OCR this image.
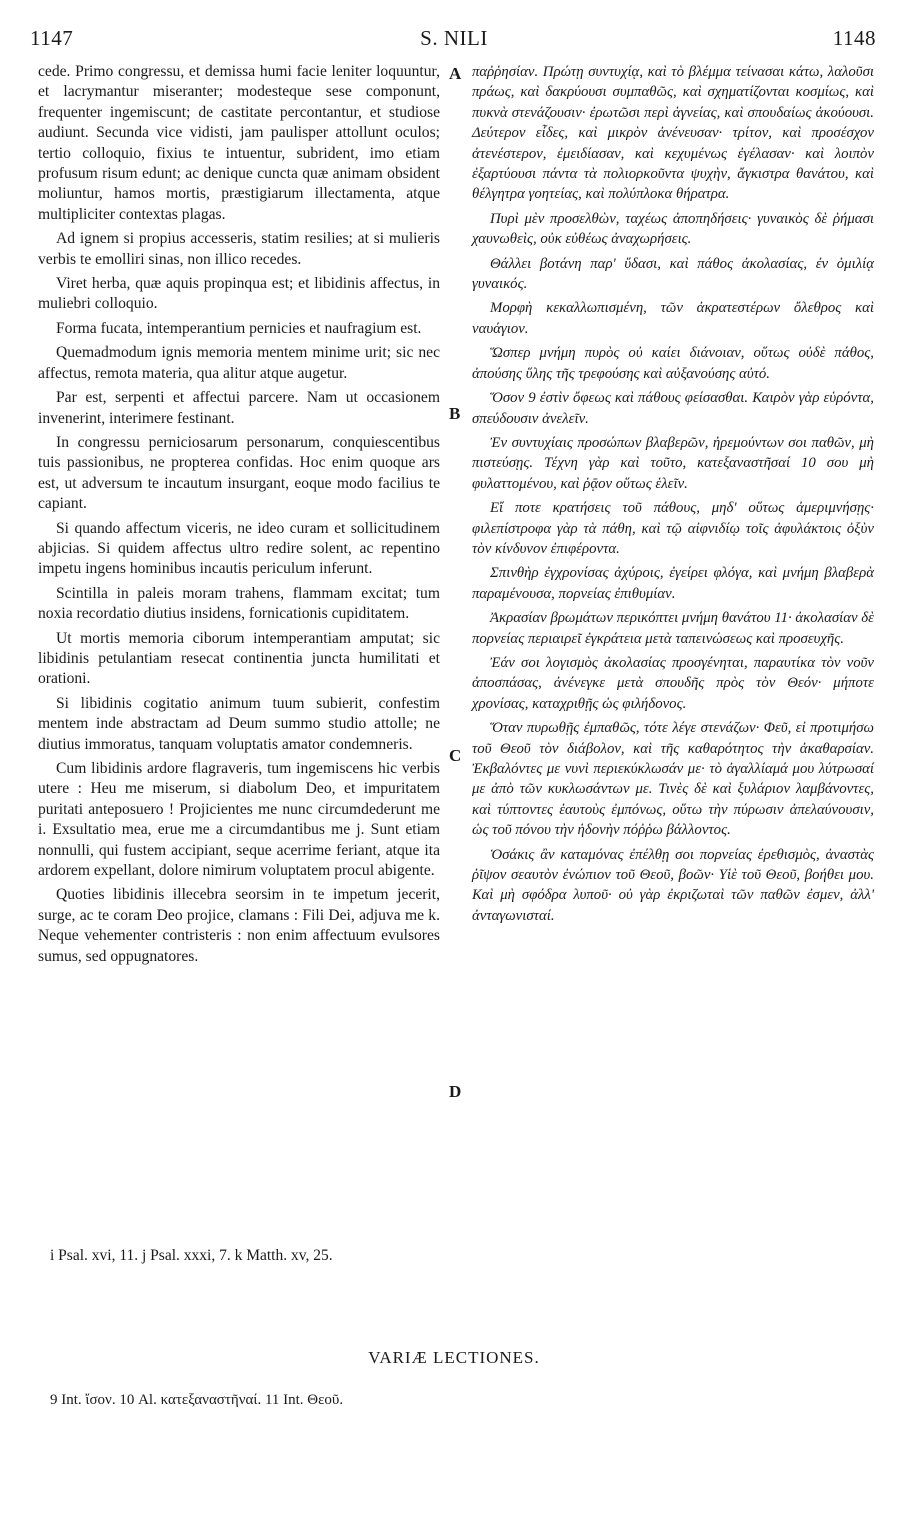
1147	S. NILI	1148

cede. Primo congressu, et demissa humi facie leniter loquuntur, et lacrymantur miseranter; modesteque sese componunt, frequenter ingemiscunt; de castitate percontantur, et studiose audiunt. Secunda vice vidisti, jam paulisper attollunt oculos; tertio colloquio, fixius te intuentur, subrident, imo etiam profusum risum edunt; ac denique cuncta quæ animam obsident moliuntur, hamos mortis, præstigiarum illectamenta, atque multipliciter contextas plagas.

Ad ignem si propius accesseris, statim resilies; at si mulieris verbis te emolliri sinas, non illico recedes.

Viret herba, quæ aquis propinqua est; et libidinis affectus, in muliebri colloquio.

Forma fucata, intemperantium pernicies et naufragium est.

Quemadmodum ignis memoria mentem minime urit; sic nec affectus, remota materia, qua alitur atque augetur.

Par est, serpenti et affectui parcere. Nam ut occasionem invenerint, interimere festinant.

In congressu perniciosarum personarum, conquiescentibus tuis passionibus, ne propterea confidas. Hoc enim quoque ars est, ut adversum te incautum insurgant, eoque modo facilius te capiant.

Si quando affectum viceris, ne ideo curam et sollicitudinem abjicias. Si quidem affectus ultro redire solent, ac repentino impetu ingens hominibus incautis periculum inferunt.

Scintilla in paleis moram trahens, flammam excitat; tum noxia recordatio diutius insidens, fornicationis cupiditatem.

Ut mortis memoria ciborum intemperantiam amputat; sic libidinis petulantiam resecat continentia juncta humilitati et orationi.

Si libidinis cogitatio animum tuum subierit, confestim mentem inde abstractam ad Deum summo studio attolle; ne diutius immoratus, tanquam voluptatis amator condemneris.

Cum libidinis ardore flagraveris, tum ingemiscens hic verbis utere : Heu me miserum, si diabolum Deo, et impuritatem puritati anteposuero ! Projicientes me nunc circumdederunt me i. Exsultatio mea, erue me a circumdantibus me j. Sunt etiam nonnulli, qui fustem accipiant, seque acerrime feriant, atque ita ardorem expellant, dolore nimirum voluptatem procul abigente.

Quoties libidinis illecebra seorsim in te impetum jecerit, surge, ac te coram Deo projice, clamans : Fili Dei, adjuva me k. Neque vehementer contristeris : non enim affectuum evulsores sumus, sed oppugnatores.

A
B
C
D

παῤῥησίαν. Πρώτῃ συντυχίᾳ, καὶ τὸ βλέμμα τείνασαι κάτω, λαλοῦσι πράως, καὶ δακρύουσι συμπαθῶς, καὶ σχηματίζονται κοσμίως, καὶ πυκνὰ στενάζουσιν· ἐρωτῶσι περὶ ἁγνείας, καὶ σπουδαίως ἀκούουσι. Δεύτερον εἶδες, καὶ μικρὸν ἀνένευσαν· τρίτον, καὶ προσέσχον ἀτενέστερον, ἐμειδίασαν, καὶ κεχυμένως ἐγέλασαν· καὶ λοιπὸν ἐξαρτύουσι πάντα τὰ πολιορκοῦντα ψυχὴν, ἄγκιστρα θανάτου, καὶ θέλγητρα γοητείας, καὶ πολύπλοκα θήρατρα.

Πυρὶ μὲν προσελθὼν, ταχέως ἀποπηδήσεις· γυναικὸς δὲ ῥήμασι χαυνωθεὶς, οὐκ εὐθέως ἀναχωρήσεις.

Θάλλει βοτάνη παρ' ὕδασι, καὶ πάθος ἀκολασίας, ἐν ὁμιλίᾳ γυναικός.

Μορφὴ κεκαλλωπισμένη, τῶν ἀκρατεστέρων ὄλεθρος καὶ ναυάγιον.

Ὥσπερ μνήμη πυρὸς οὐ καίει διάνοιαν, οὕτως οὐδὲ πάθος, ἀπούσης ὕλης τῆς τρεφούσης καὶ αὐξανούσης αὐτό.

Ὅσον 9 ἐστὶν ὄφεως καὶ πάθους φείσασθαι. Καιρὸν γὰρ εὑρόντα, σπεύδουσιν ἀνελεῖν.

Ἐν συντυχίαις προσώπων βλαβερῶν, ἠρεμούντων σοι παθῶν, μὴ πιστεύσῃς. Τέχνη γὰρ καὶ τοῦτο, κατεξαναστῆσαί 10 σου μὴ φυλαττομένου, καὶ ῥᾷον οὕτως ἑλεῖν.

Εἴ ποτε κρατήσεις τοῦ πάθους, μηδ' οὕτως ἀμεριμνήσῃς· φιλεπίστροφα γὰρ τὰ πάθη, καὶ τῷ αἰφνιδίῳ τοῖς ἀφυλάκτοις ὀξὺν τὸν κίνδυνον ἐπιφέροντα.

Σπινθὴρ ἐγχρονίσας ἀχύροις, ἐγείρει φλόγα, καὶ μνήμη βλαβερὰ παραμένουσα, πορνείας ἐπιθυμίαν.

Ἀκρασίαν βρωμάτων περικόπτει μνήμη θανάτου 11· ἀκολασίαν δὲ πορνείας περιαιρεῖ ἐγκράτεια μετὰ ταπεινώσεως καὶ προσευχῆς.

Ἐάν σοι λογισμὸς ἀκολασίας προσγένηται, παραυτίκα τὸν νοῦν ἀποσπάσας, ἀνένεγκε μετὰ σπουδῆς πρὸς τὸν Θεόν· μήποτε χρονίσας, καταχριθῇς ὡς φιλήδονος.

Ὅταν πυρωθῇς ἐμπαθῶς, τότε λέγε στενάζων· Φεῦ, εἰ προτιμήσω τοῦ Θεοῦ τὸν διάβολον, καὶ τῆς καθαρότητος τὴν ἀκαθαρσίαν. Ἐκβαλόντες με νυνὶ περιεκύκλωσάν με· τὸ ἀγαλλίαμά μου λύτρωσαί με ἀπὸ τῶν κυκλωσάντων με. Τινὲς δὲ καὶ ξυλάριον λαμβάνοντες, καὶ τύπτοντες ἑαυτοὺς ἐμπόνως, οὕτω τὴν πύρωσιν ἀπελαύνουσιν, ὡς τοῦ πόνου τὴν ἡδονὴν πόῤῥω βάλλοντος.

Ὁσάκις ἂν καταμόνας ἐπέλθῃ σοι πορνείας ἐρεθισμὸς, ἀναστὰς ῥῖψον σεαυτὸν ἐνώπιον τοῦ Θεοῦ, βοῶν· Υἱὲ τοῦ Θεοῦ, βοήθει μου. Καὶ μὴ σφόδρα λυποῦ· οὐ γὰρ ἐκριζωταὶ τῶν παθῶν ἐσμεν, ἀλλ' ἀνταγωνισταί.

i Psal. xvi, 11. j Psal. xxxi, 7. k Matth. xv, 25.
VARIÆ LECTIONES.
9 Int. ἴσον. 10 Al. κατεξαναστῆναί. 11 Int. Θεοῦ.
